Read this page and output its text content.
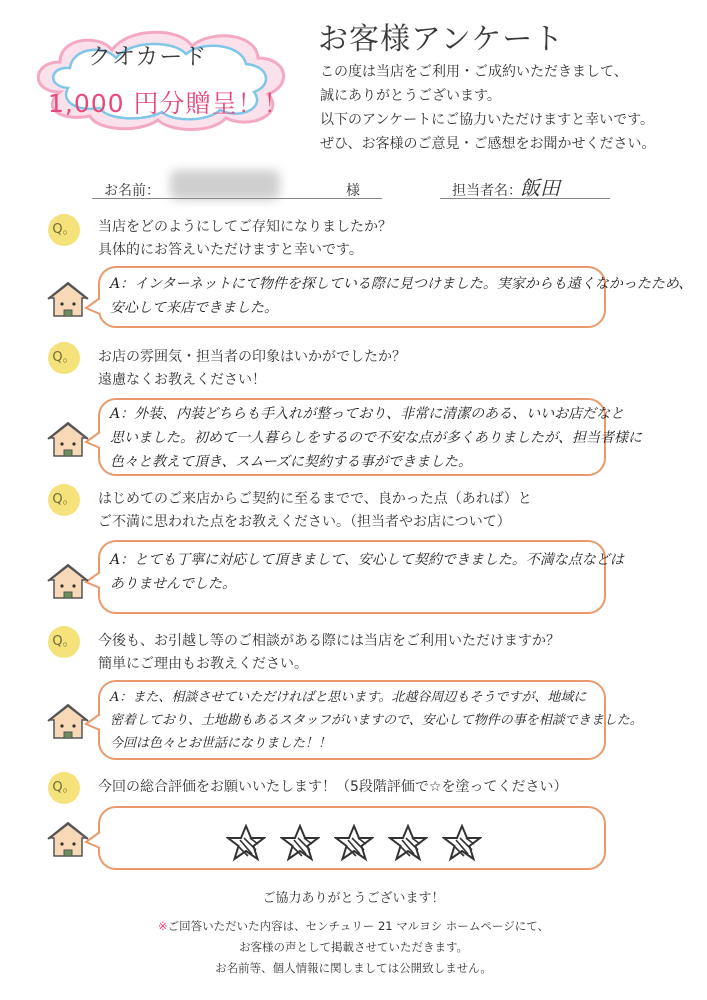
クオカード
1,000 円分贈呈！！
お客様アンケート
この度は当店をご利用・ご成約いただきまして、
誠にありがとうございます。
以下のアンケートにご協力いただけますと幸いです。
ぜひ、お客様のご意見・ご感想をお聞かせください。
お名前：	様	担当者名：
飯田
Q。	当店をどのようにしてご存知になりましたか？
具体的にお答えいただけますと幸いです。
A：インターネットにて物件を探している際に見つけました。実家からも遠くなかったため、
安心して来店できました。
Q。	お店の雰囲気・担当者の印象はいかがでしたか？
遠慮なくお教えください！
A：外装、内装どちらも手入れが整っており、非常に清潔のある、いいお店だなと
思いました。初めて一人暮らしをするので不安な点が多くありましたが、担当者様に
色々と教えて頂き、スムーズに契約する事ができました。
Q。	はじめてのご来店からご契約に至るまでで、良かった点（あれば）と
ご不満に思われた点をお教えください。（担当者やお店について）
A：とても丁寧に対応して頂きまして、安心して契約できました。不満な点などは
ありませんでした。
Q。	今後も、お引越し等のご相談がある際には当店をご利用いただけますか？
簡単にご理由もお教えください。
A：また、相談させていただければと思います。北越谷周辺もそうですが、地域に
密着しており、土地勘もあるスタッフがいますので、安心して物件の事を相談できました。
今回は色々とお世話になりました！！
Q。	今回の総合評価をお願いいたします！（5段階評価で☆を塗ってください）
ご協力ありがとうございます！
※ご回答いただいた内容は、センチュリー 21 マルヨシ ホームページにて、
お客様の声として掲載させていただきます。
お名前等、個人情報に関しましては公開致しません。
